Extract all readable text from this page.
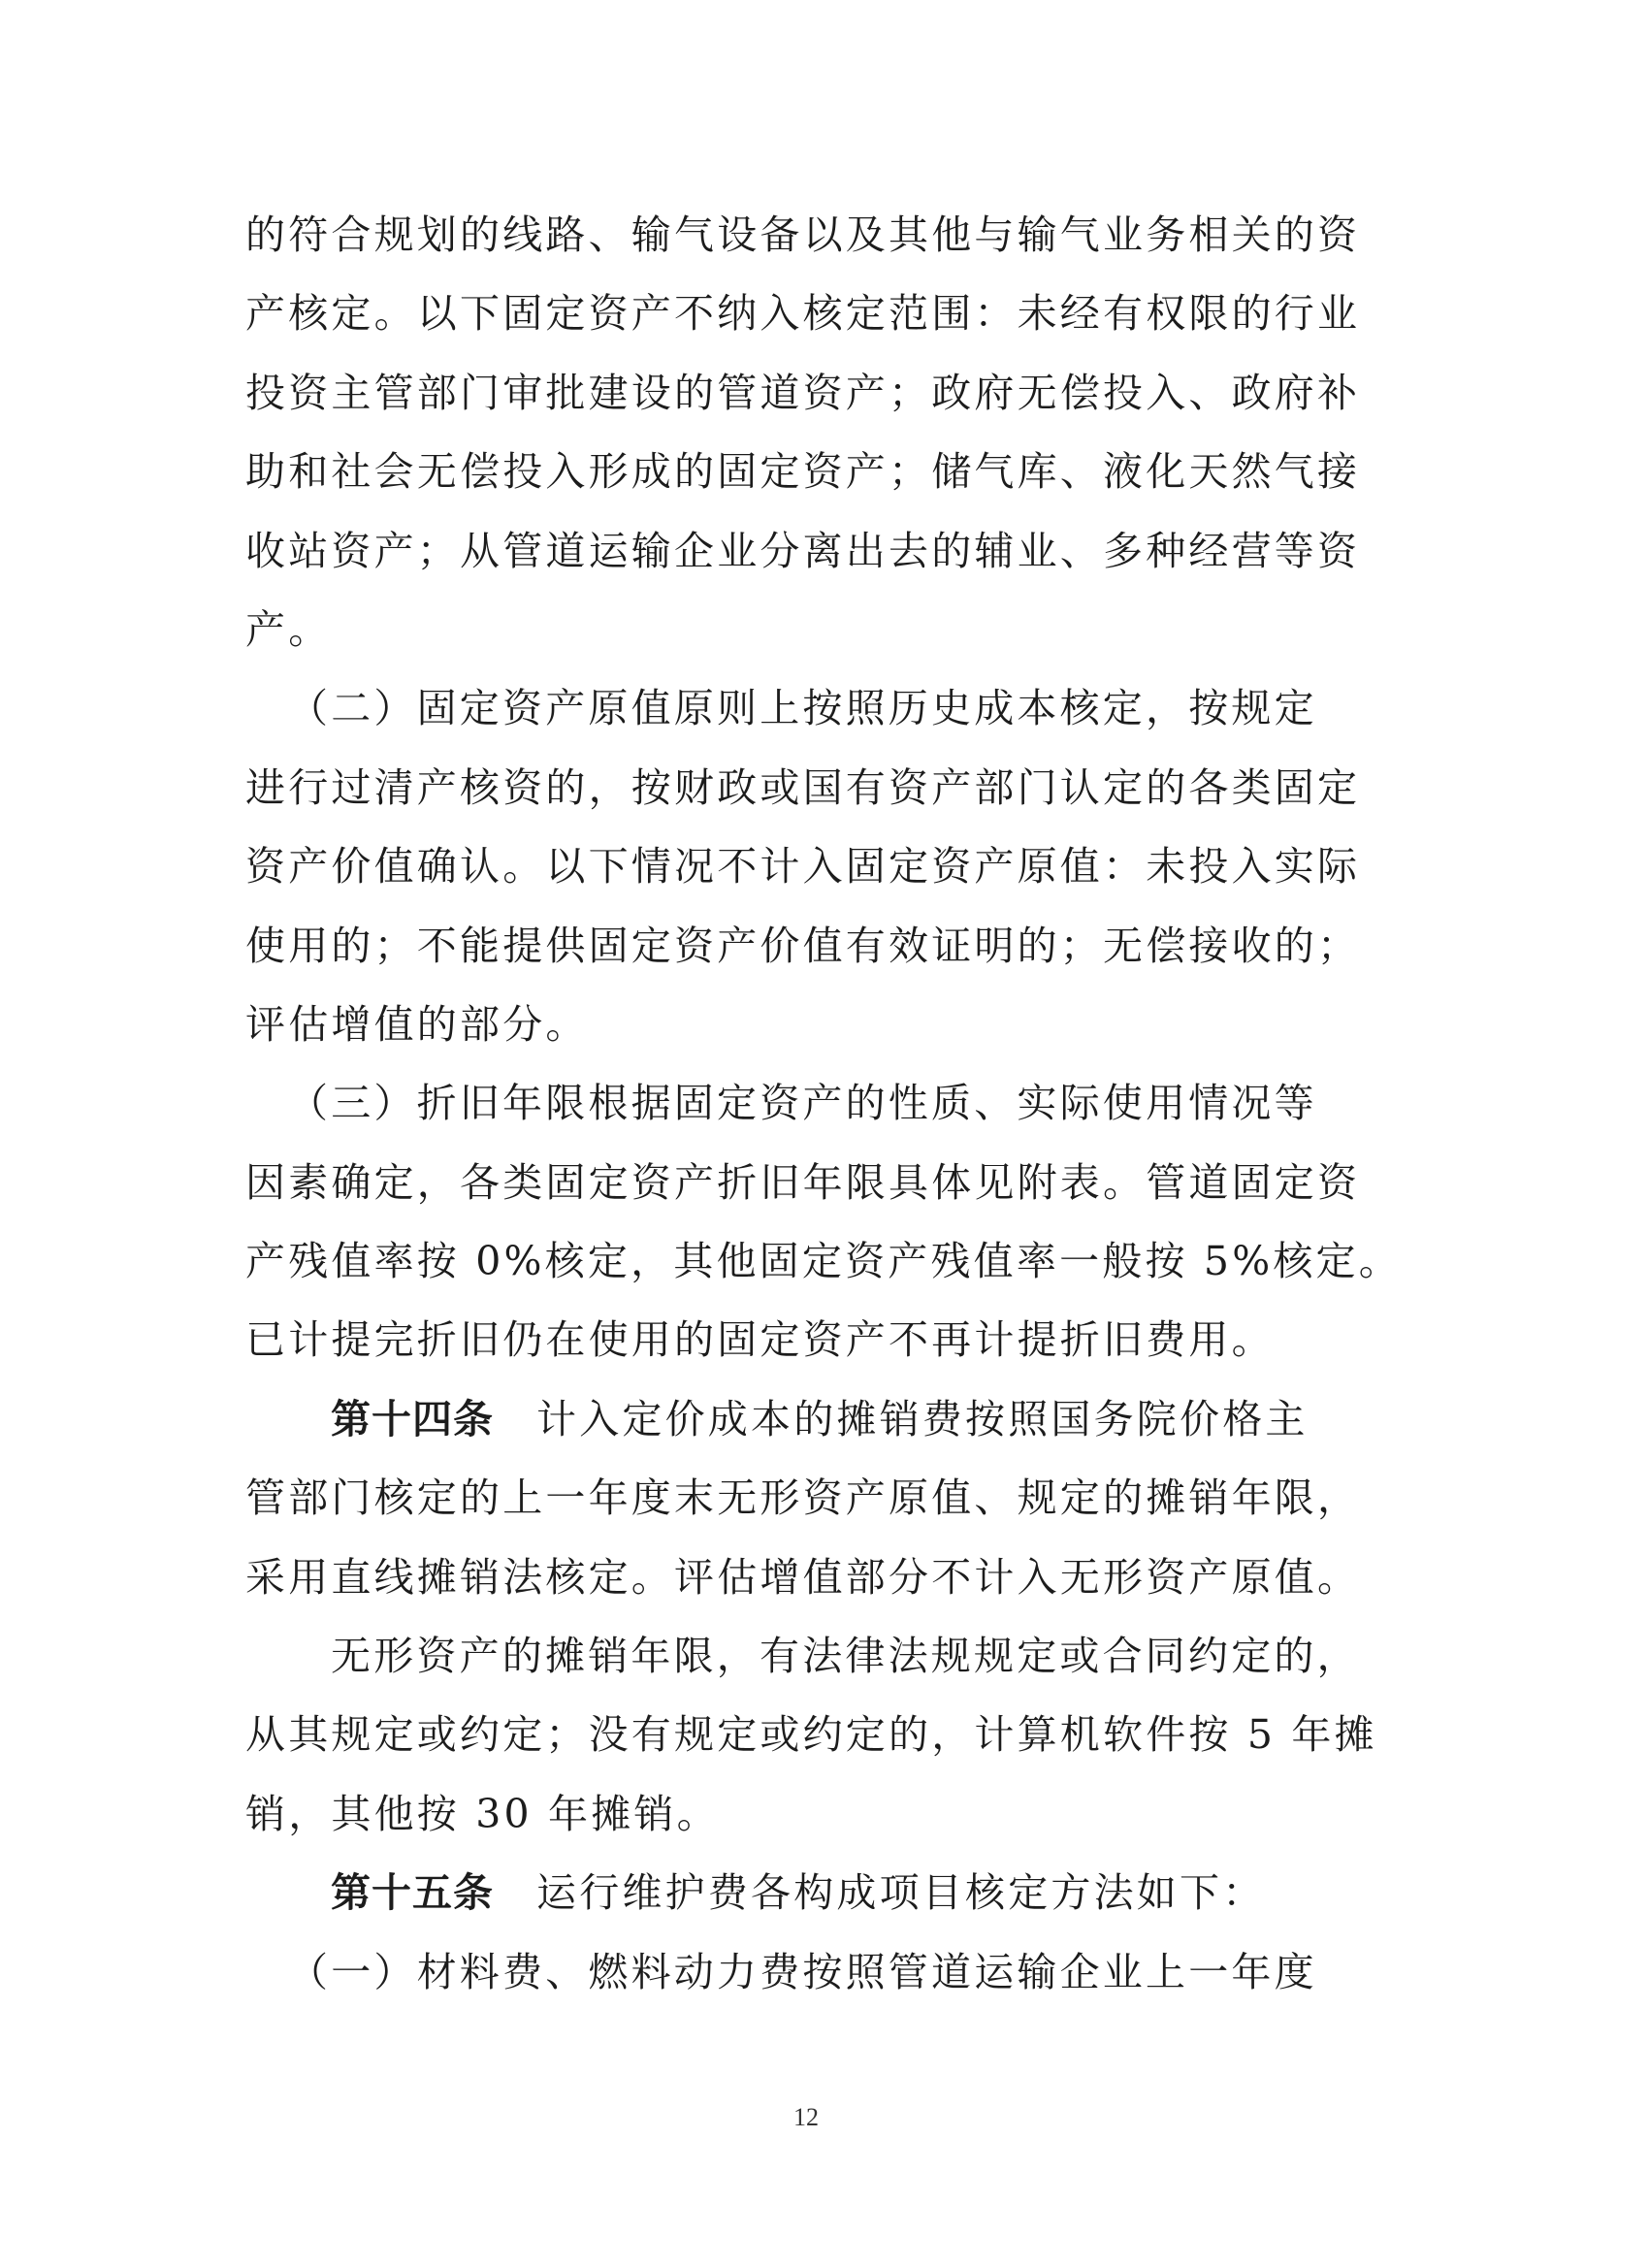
的符合规划的线路、输气设备以及其他与输气业务相关的资
产核定。以下固定资产不纳入核定范围：未经有权限的行业
投资主管部门审批建设的管道资产；政府无偿投入、政府补
助和社会无偿投入形成的固定资产；储气库、液化天然气接
收站资产；从管道运输企业分离出去的辅业、多种经营等资
产。
（二）固定资产原值原则上按照历史成本核定，按规定
进行过清产核资的，按财政或国有资产部门认定的各类固定
资产价值确认。以下情况不计入固定资产原值：未投入实际
使用的；不能提供固定资产价值有效证明的；无偿接收的；
评估增值的部分。
（三）折旧年限根据固定资产的性质、实际使用情况等
因素确定，各类固定资产折旧年限具体见附表。管道固定资
产残值率按 0%核定，其他固定资产残值率一般按 5%核定。
已计提完折旧仍在使用的固定资产不再计提折旧费用。
第十四条 计入定价成本的摊销费按照国务院价格主
管部门核定的上一年度末无形资产原值、规定的摊销年限，
采用直线摊销法核定。评估增值部分不计入无形资产原值。
无形资产的摊销年限，有法律法规规定或合同约定的，
从其规定或约定；没有规定或约定的，计算机软件按 5 年摊
销，其他按 30 年摊销。
第十五条 运行维护费各构成项目核定方法如下：
（一）材料费、燃料动力费按照管道运输企业上一年度
12
